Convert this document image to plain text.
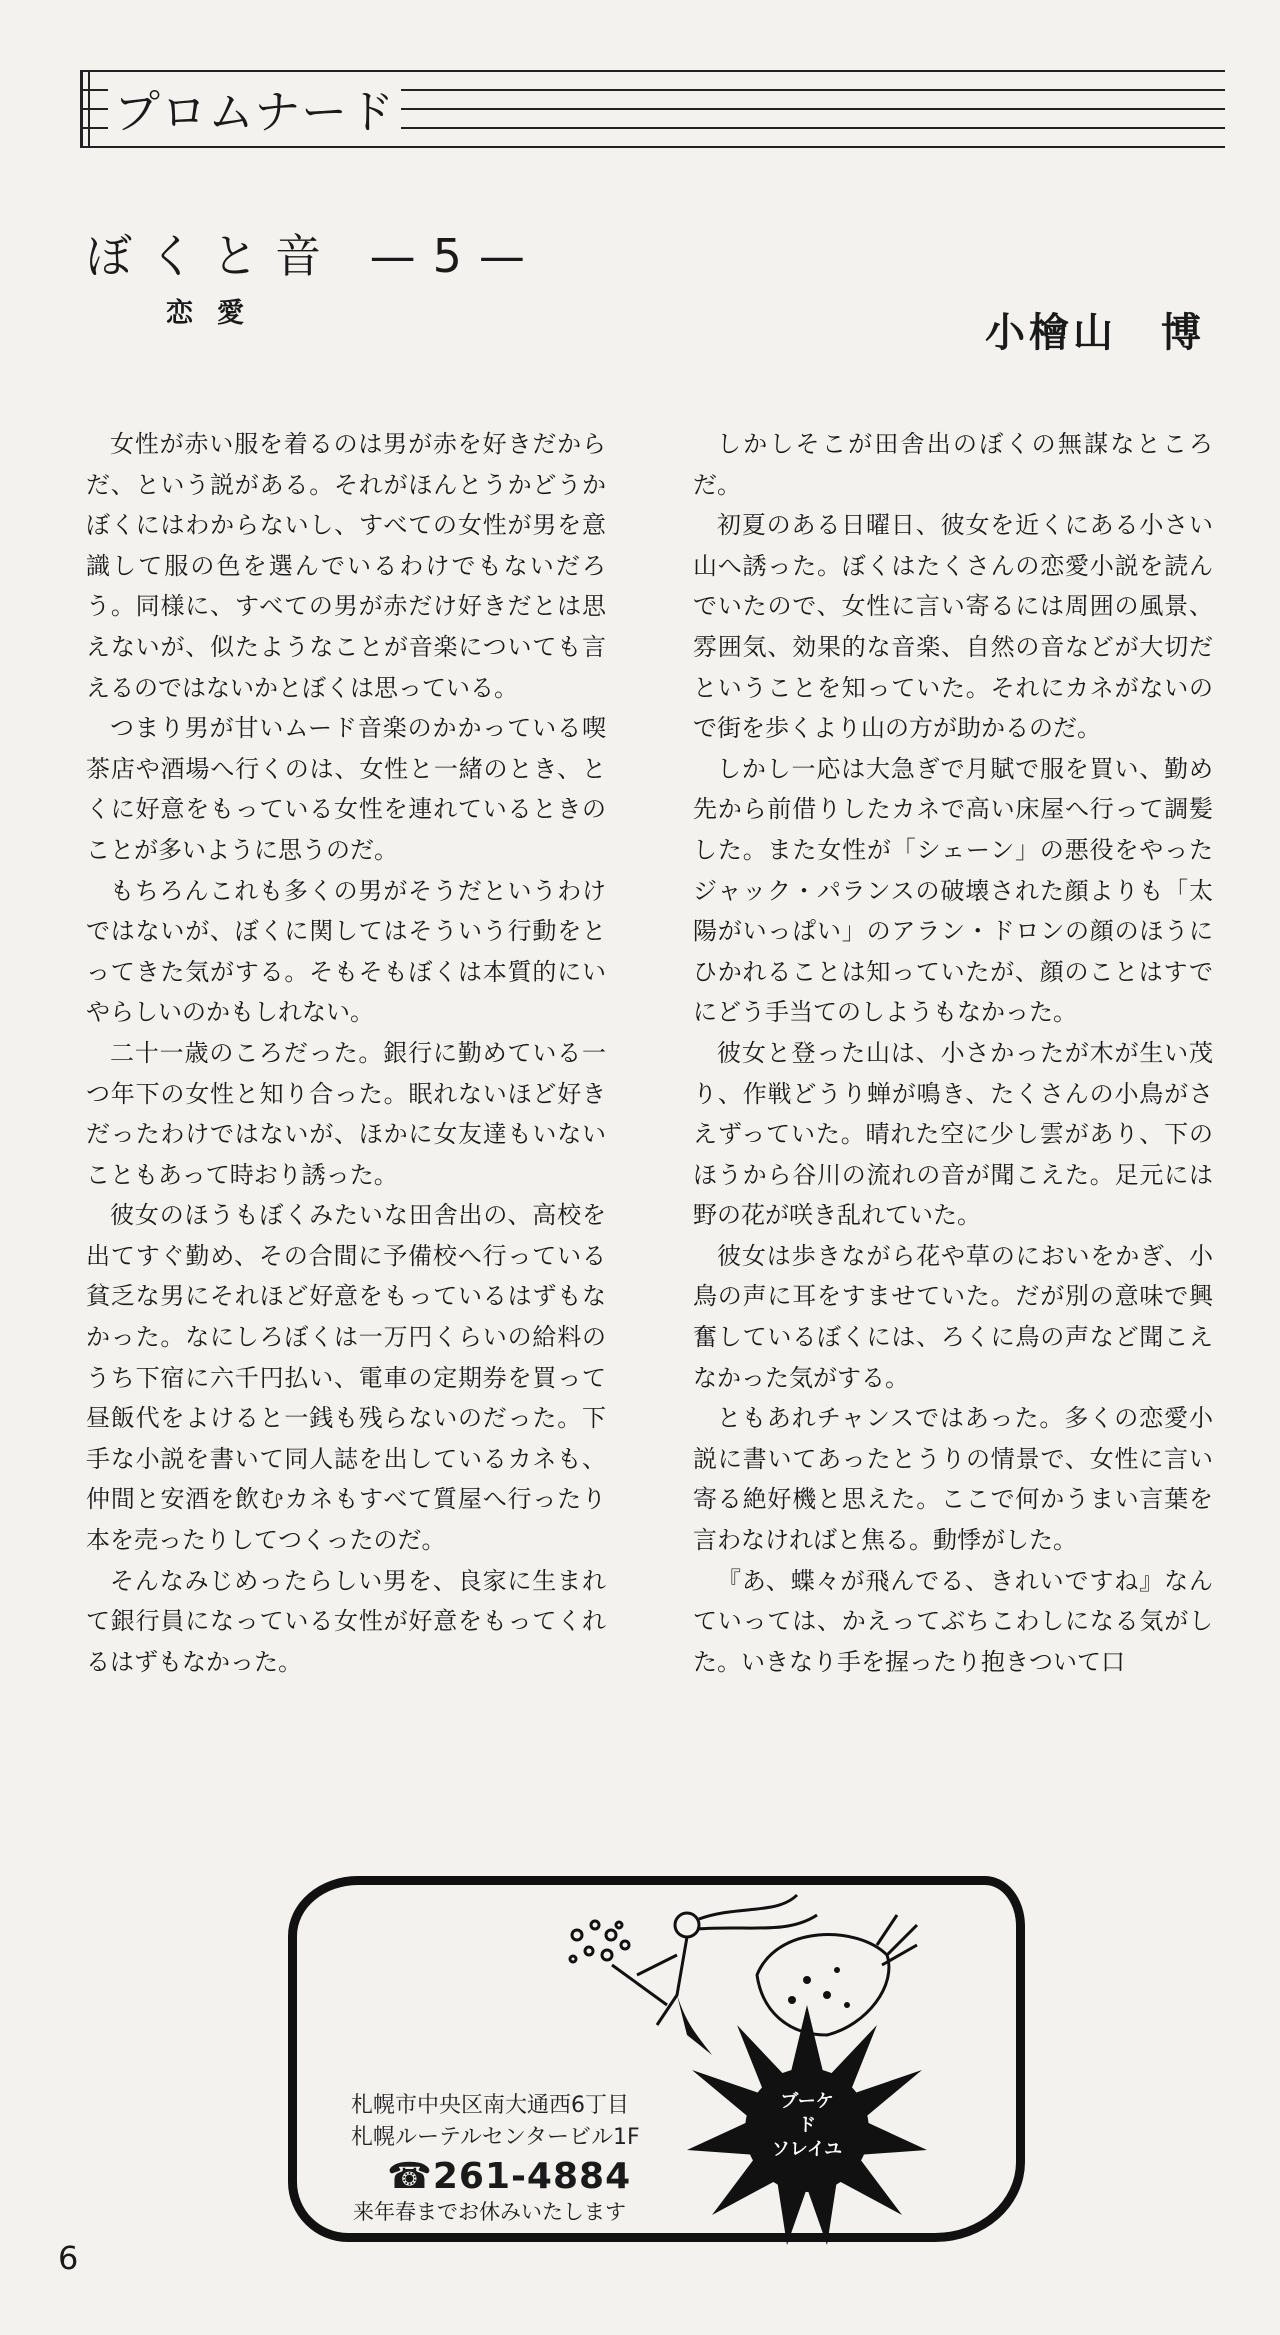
プロムナード
ぼくと音 —5—
恋愛	小檜山　博

女性が赤い服を着るのは男が赤を好きだからだ、という説がある。それがほんとうかどうかぼくにはわからないし、すべての女性が男を意識して服の色を選んでいるわけでもないだろう。同様に、すべての男が赤だけ好きだとは思えないが、似たようなことが音楽についても言えるのではないかとぼくは思っている。

つまり男が甘いムード音楽のかかっている喫茶店や酒場へ行くのは、女性と一緒のとき、とくに好意をもっている女性を連れているときのことが多いように思うのだ。

もちろんこれも多くの男がそうだというわけではないが、ぼくに関してはそういう行動をとってきた気がする。そもそもぼくは本質的にいやらしいのかもしれない。

二十一歳のころだった。銀行に勤めている一つ年下の女性と知り合った。眠れないほど好きだったわけではないが、ほかに女友達もいないこともあって時おり誘った。

彼女のほうもぼくみたいな田舎出の、高校を出てすぐ勤め、その合間に予備校へ行っている貧乏な男にそれほど好意をもっているはずもなかった。なにしろぼくは一万円くらいの給料のうち下宿に六千円払い、電車の定期券を買って昼飯代をよけると一銭も残らないのだった。下手な小説を書いて同人誌を出しているカネも、仲間と安酒を飲むカネもすべて質屋へ行ったり本を売ったりしてつくったのだ。

そんなみじめったらしい男を、良家に生まれて銀行員になっている女性が好意をもってくれるはずもなかった。

しかしそこが田舎出のぼくの無謀なところだ。

初夏のある日曜日、彼女を近くにある小さい山へ誘った。ぼくはたくさんの恋愛小説を読んでいたので、女性に言い寄るには周囲の風景、雰囲気、効果的な音楽、自然の音などが大切だということを知っていた。それにカネがないので街を歩くより山の方が助かるのだ。

しかし一応は大急ぎで月賦で服を買い、勤め先から前借りしたカネで高い床屋へ行って調髪した。また女性が「シェーン」の悪役をやったジャック・パランスの破壊された顔よりも「太陽がいっぱい」のアラン・ドロンの顔のほうにひかれることは知っていたが、顔のことはすでにどう手当てのしようもなかった。

彼女と登った山は、小さかったが木が生い茂り、作戦どうり蝉が鳴き、たくさんの小鳥がさえずっていた。晴れた空に少し雲があり、下のほうから谷川の流れの音が聞こえた。足元には野の花が咲き乱れていた。

彼女は歩きながら花や草のにおいをかぎ、小鳥の声に耳をすませていた。だが別の意味で興奮しているぼくには、ろくに鳥の声など聞こえなかった気がする。

ともあれチャンスではあった。多くの恋愛小説に書いてあったとうりの情景で、女性に言い寄る絶好機と思えた。ここで何かうまい言葉を言わなければと焦る。動悸がした。

『あ、蝶々が飛んでる、きれいですね』なんていっては、かえってぶちこわしになる気がした。いきなり手を握ったり抱きついて口

ブーケ
ド
ソレイユ
札幌市中央区南大通西6丁目
札幌ルーテルセンタービル1F
☎261-4884
来年春までお休みいたします
6
